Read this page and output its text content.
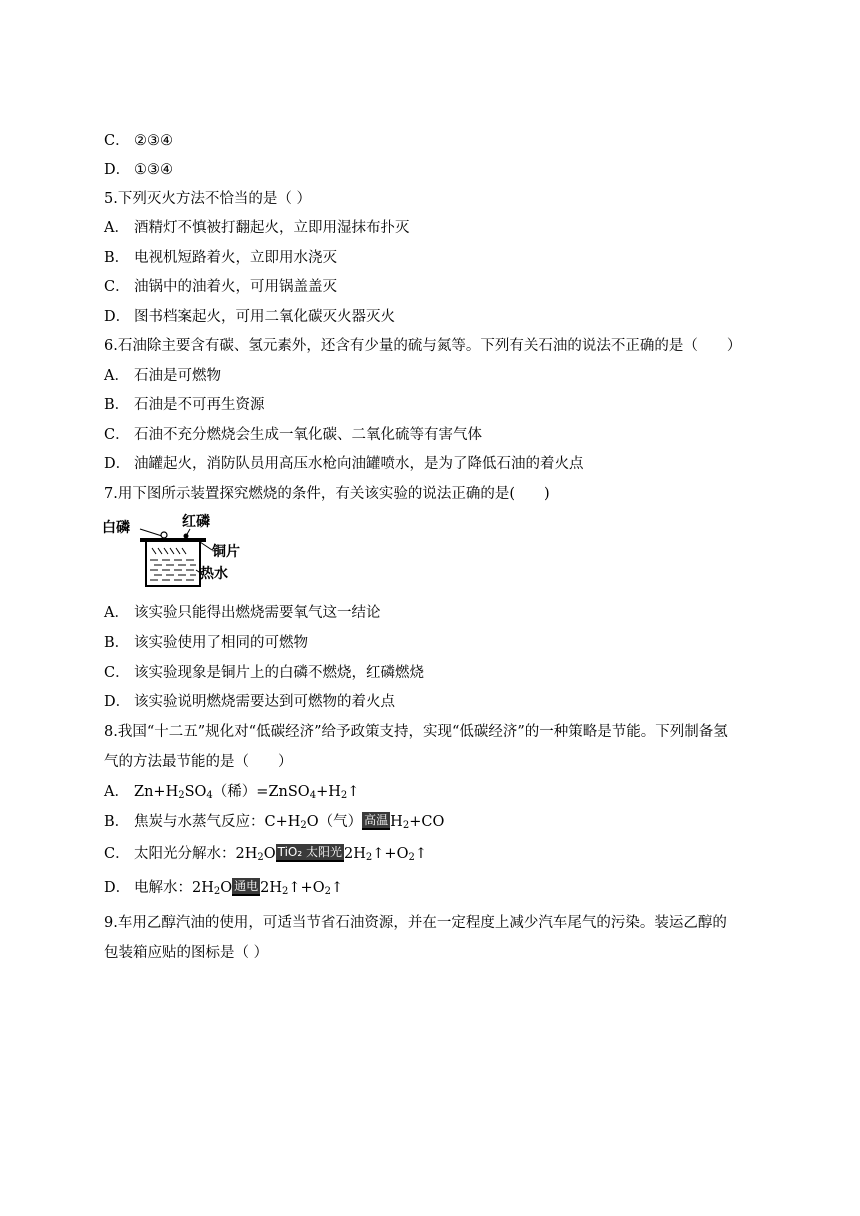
C． ②③④
D． ①③④
5.下列灭火方法不恰当的是（ ）
A． 酒精灯不慎被打翻起火，立即用湿抹布扑灭
B． 电视机短路着火，立即用水浇灭
C． 油锅中的油着火，可用锅盖盖灭
D． 图书档案起火，可用二氧化碳灭火器灭火
6.石油除主要含有碳、氢元素外，还含有少量的硫与氮等。下列有关石油的说法不正确的是（　　）
A． 石油是可燃物
B． 石油是不可再生资源
C． 石油不充分燃烧会生成一氧化碳、二氧化硫等有害气体
D． 油罐起火，消防队员用高压水枪向油罐喷水，是为了降低石油的着火点
7.用下图所示装置探究燃烧的条件，有关该实验的说法正确的是(　　)
白磷	红磷
铜片
热水
A． 该实验只能得出燃烧需要氧气这一结论
B． 该实验使用了相同的可燃物
C． 该实验现象是铜片上的白磷不燃烧，红磷燃烧
D． 该实验说明燃烧需要达到可燃物的着火点
8.我国“十二五”规化对“低碳经济”给予政策支持，实现“低碳经济”的一种策略是节能。下列制备氢
气的方法最节能的是（　　）
A． $Zn+H_2SO_4$（稀）$=ZnSO_4+H_2↑$
B． 焦炭与水蒸气反应：$C+H_2O$（气） 高温 $H_2+CO$
C． 太阳光分解水：$2H_2O$ TiO₂ 太阳光 $2H_2↑+O_2↑$
D． 电解水：$2H_2O$ 通电 $2H_2↑+O_2↑$
9.车用乙醇汽油的使用，可适当节省石油资源，并在一定程度上减少汽车尾气的污染。装运乙醇的
包装箱应贴的图标是（ ）
